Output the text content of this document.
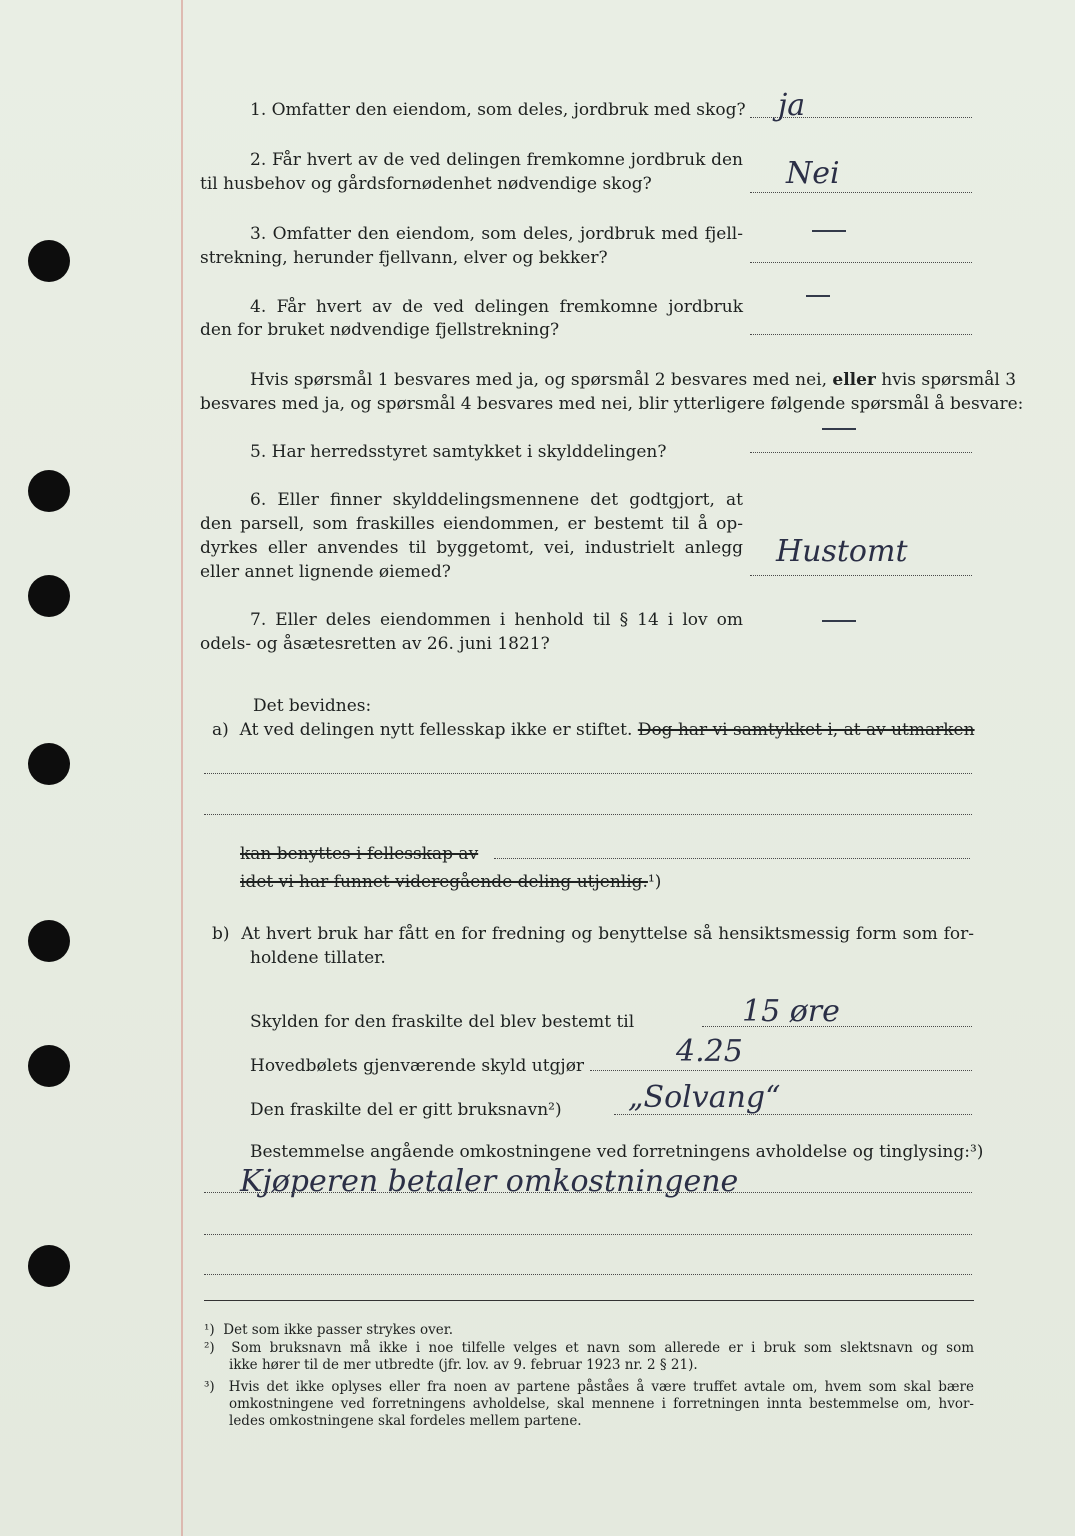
1. Omfatter den eiendom, som deles, jordbruk med skog? ja
2. Får hvert av de ved delingen fremkomne jordbruk den
til husbehov og gårdsfornødenhet nødvendige skog?	Nei
3. Omfatter den eiendom, som deles, jordbruk med fjell-
strekning, herunder fjellvann, elver og bekker?
4. Får hvert av de ved delingen fremkomne jordbruk
den for bruket nødvendige fjellstrekning?
Hvis spørsmål 1 besvares med ja, og spørsmål 2 besvares med nei, eller hvis spørsmål 3
besvares med ja, og spørsmål 4 besvares med nei, blir ytterligere følgende spørsmål å besvare:
5. Har herredsstyret samtykket i skylddelingen?
6. Eller finner skylddelingsmennene det godtgjort, at
den parsell, som fraskilles eiendommen, er bestemt til å op-
dyrkes eller anvendes til byggetomt, vei, industrielt anlegg
eller annet lignende øiemed?
Hustomt
7. Eller deles eiendommen i henhold til § 14 i lov om
odels- og åsætesretten av 26. juni 1821?
Det bevidnes:
a) At ved delingen nytt fellesskap ikke er stiftet. Dog har vi samtykket i, at av utmarken
kan benyttes i fellesskap av
idet vi har funnet videregående deling utjenlig.¹)
b) At hvert bruk har fått en for fredning og benyttelse så hensiktsmessig form som for-
holdene tillater.
Skylden for den fraskilte del blev bestemt til	15 øre
Hovedbølets gjenværende skyld utgjør	4.25
Den fraskilte del er gitt bruksnavn²) „Solvang“
Bestemmelse angående omkostningene ved forretningens avholdelse og tinglysing:³)
Kjøperen betaler omkostningene
¹) Det som ikke passer strykes over.
²) Som bruksnavn må ikke i noe tilfelle velges et navn som allerede er i bruk som slektsnavn og som
ikke hører til de mer utbredte (jfr. lov. av 9. februar 1923 nr. 2 § 21).
³) Hvis det ikke oplyses eller fra noen av partene påståes å være truffet avtale om, hvem som skal bære
omkostningene ved forretningens avholdelse, skal mennene i forretningen innta bestemmelse om, hvor-
ledes omkostningene skal fordeles mellem partene.
